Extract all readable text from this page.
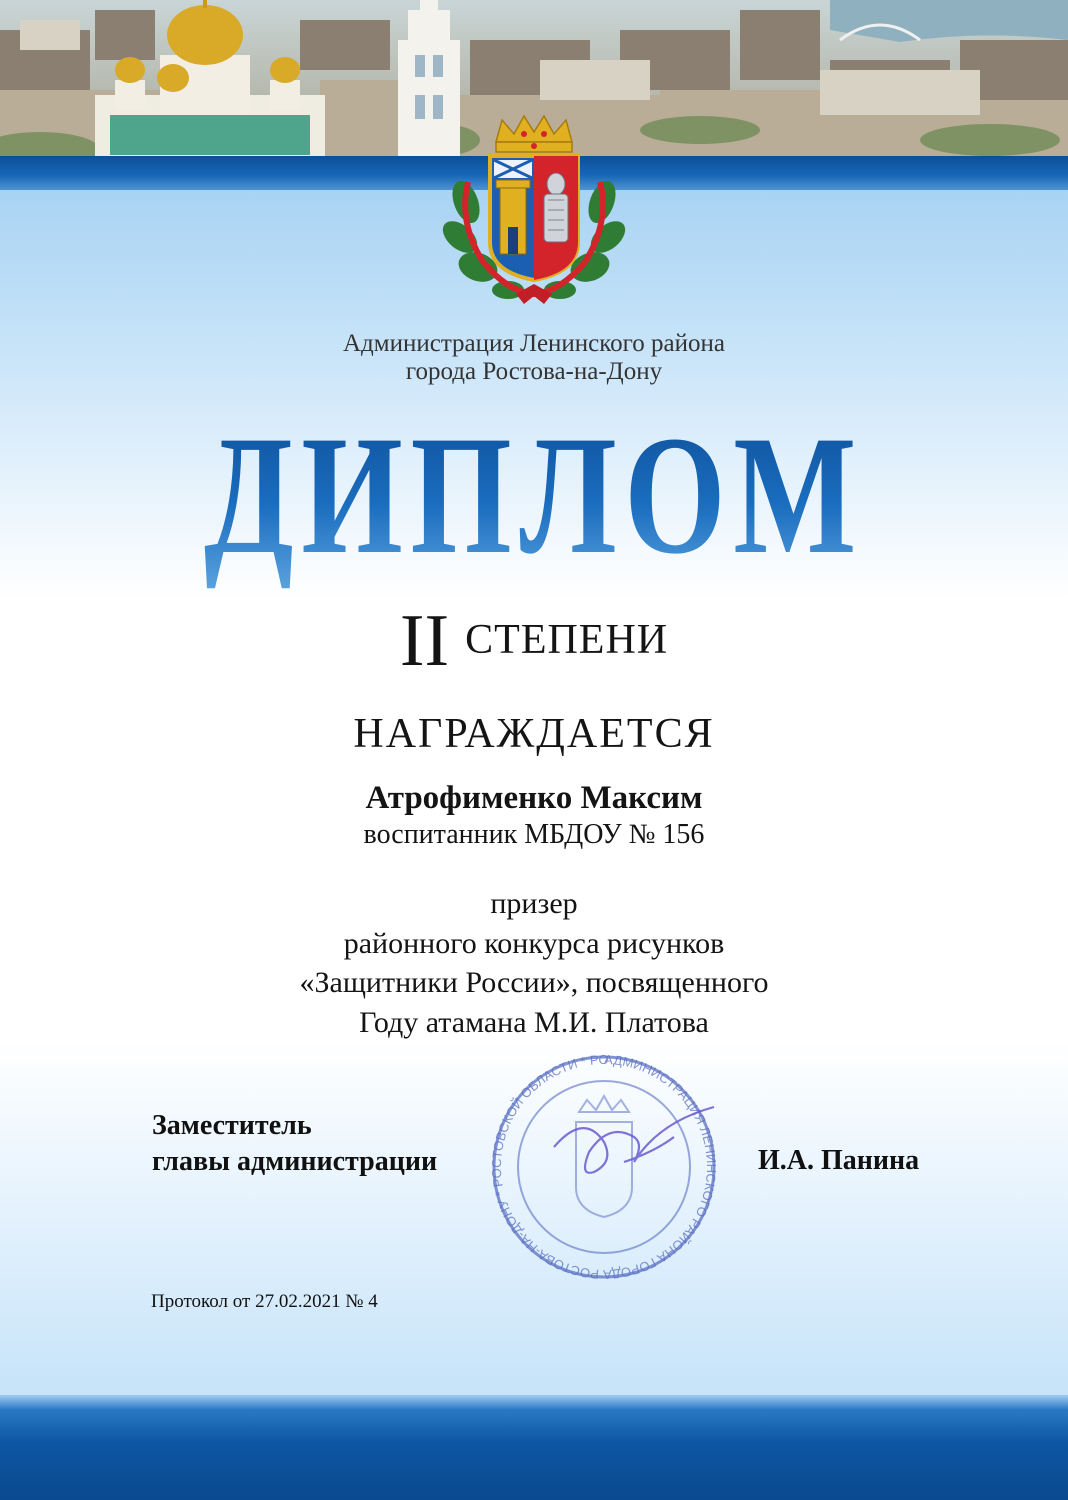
Администрация Ленинского района
города Ростова-на-Дону
ДИПЛОМ
II СТЕПЕНИ
НАГРАЖДАЕТСЯ
Атрофименко Максим
воспитанник МБДОУ № 156
призер
районного конкурса рисунков
«Защитники России», посвященного
Году атамана М.И. Платова
Заместитель
главы администрации
АДМИНИСТРАЦИЯ ЛЕНИНСКОГО РАЙОНА ГОРОДА РОСТОВА-НА-ДОНУ * РОСТОВСКОЙ ОБЛАСТИ * РО
И.А. Панина
Протокол от 27.02.2021 № 4
